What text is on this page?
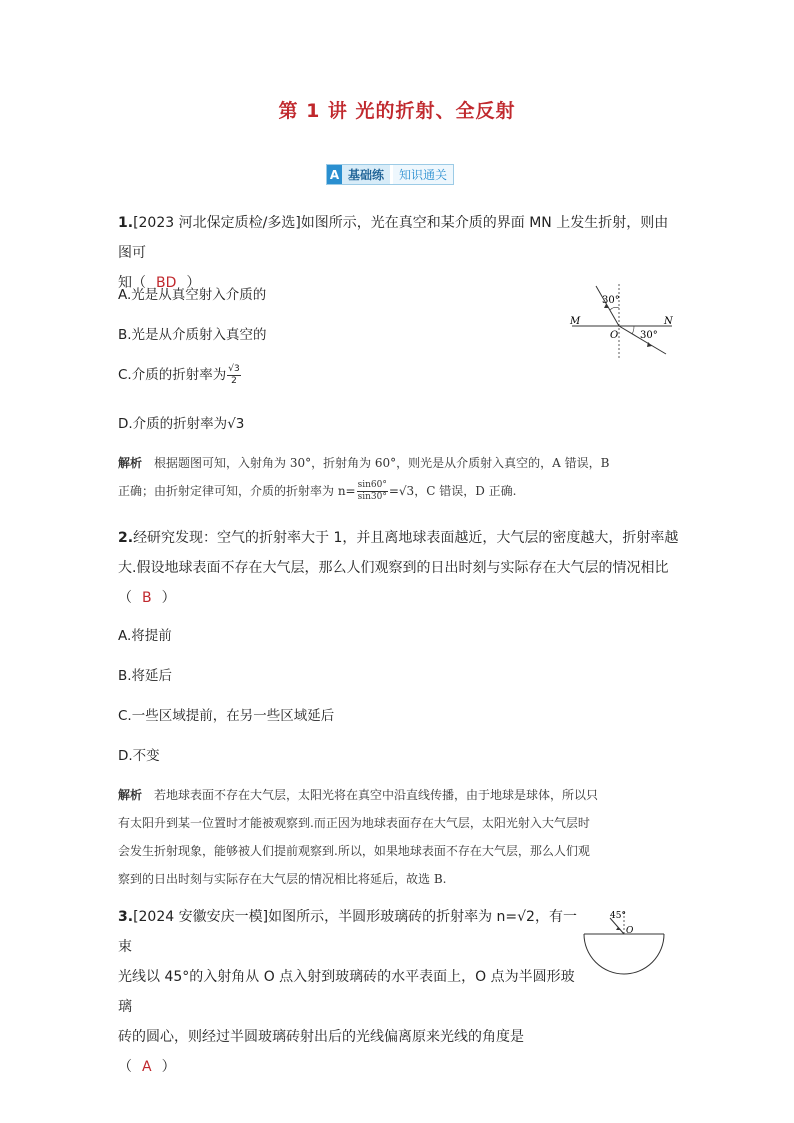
第 1 讲 光的折射、全反射
A 基础练	知识通关
1.[2023 河北保定质检/多选]如图所示，光在真空和某介质的界面 MN 上发生折射，则由图可
知（ BD ）
A.光是从真空射入介质的
B.光是从介质射入真空的
C.介质的折射率为 $\frac{√3}{2}$
D.介质的折射率为√3
30°
30°
M	N
O
解析 根据题图可知，入射角为 30°，折射角为 60°，则光是从介质射入真空的，A 错误，B
正确；由折射定律可知，介质的折射率为 $n= \frac{\sin 60^\circ}{\sin 30^\circ} =√3$，C 错误，D 正确.
2.经研究发现：空气的折射率大于 1，并且离地球表面越近，大气层的密度越大，折射率越
大.假设地球表面不存在大气层，那么人们观察到的日出时刻与实际存在大气层的情况相比
（ B ）
A.将提前
B.将延后
C.一些区域提前，在另一些区域延后
D.不变
解析 若地球表面不存在大气层，太阳光将在真空中沿直线传播，由于地球是球体，所以只
有太阳升到某一位置时才能被观察到.而正因为地球表面存在大气层，太阳光射入大气层时
会发生折射现象，能够被人们提前观察到.所以，如果地球表面不存在大气层，那么人们观
察到的日出时刻与实际存在大气层的情况相比将延后，故选 B.
3.[2024 安徽安庆一模]如图所示，半圆形玻璃砖的折射率为 n=√2，有一束
光线以 45°的入射角从 O 点入射到玻璃砖的水平表面上，O 点为半圆形玻璃
砖的圆心，则经过半圆玻璃砖射出后的光线偏离原来光线的角度是
（ A ）
45°
O
